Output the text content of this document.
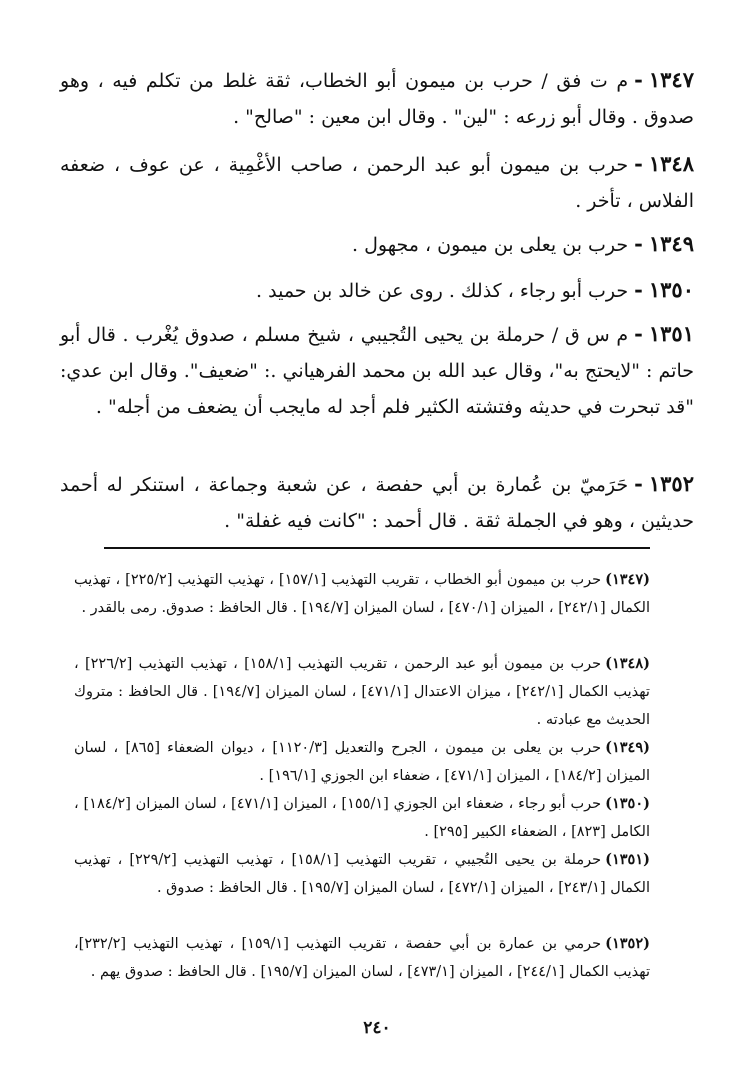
١٣٤٧-م ت فق / حرب بن ميمون أبو الخطاب، ثقة غلط من تكلم فيه ، وهو صدوق . وقال أبو زرعه : "لين" . وقال ابن معين : "صالح" .
١٣٤٨-حرب بن ميمون أبو عبد الرحمن ، صاحب الأغْمِية ، عن عوف ، ضعفه الفلاس ، تأخر .
١٣٤٩-حرب بن يعلى بن ميمون ، مجهول .
١٣٥٠-حرب أبو رجاء ، كذلك . روى عن خالد بن حميد .
١٣٥١-م س ق / حرملة بن يحيى التُجيبي ، شيخ مسلم ، صدوق يُغْرب . قال أبو حاتم : "لايحتج به"، وقال عبد الله بن محمد الفرهياني .: "ضعيف". وقال ابن عدي: "قد تبحرت في حديثه وفتشته الكثير فلم أجد له مايجب أن يضعف من أجله" .
١٣٥٢-حَرَميّ بن عُمارة بن أبي حفصة ، عن شعبة وجماعة ، استنكر له أحمد حديثين ، وهو في الجملة ثقة . قال أحمد : "كانت فيه غفلة" .
(١٣٤٧)حرب بن ميمون أبو الخطاب ، تقريب التهذيب [١٥٧/١] ، تهذيب التهذيب [٢٢٥/٢] ، تهذيب الكمال [٢٤٢/١] ، الميزان [٤٧٠/١] ، لسان الميزان [١٩٤/٧] . قال الحافظ : صدوق. رمى بالقدر .
(١٣٤٨)حرب بن ميمون أبو عبد الرحمن ، تقريب التهذيب [١٥٨/١] ، تهذيب التهذيب [٢٢٦/٢] ، تهذيب الكمال [٢٤٢/١] ، ميزان الاعتدال [٤٧١/١] ، لسان الميزان [١٩٤/٧] . قال الحافظ : متروك الحديث مع عبادته .
(١٣٤٩)حرب بن يعلى بن ميمون ، الجرح والتعديل [١١٢٠/٣] ، ديوان الضعفاء [٨٦٥] ، لسان الميزان [١٨٤/٢] ، الميزان [٤٧١/١] ، ضعفاء ابن الجوزي [١٩٦/١] .
(١٣٥٠)حرب أبو رجاء ، ضعفاء ابن الجوزي [١٥٥/١] ، الميزان [٤٧١/١] ، لسان الميزان [١٨٤/٢] ، الكامل [٨٢٣] ، الضعفاء الكبير [٢٩٥] .
(١٣٥١)حرملة بن يحيى التُجيبي ، تقريب التهذيب [١٥٨/١] ، تهذيب التهذيب [٢٢٩/٢] ، تهذيب الكمال [٢٤٣/١] ، الميزان [٤٧٢/١] ، لسان الميزان [١٩٥/٧] . قال الحافظ : صدوق .
(١٣٥٢)حرمي بن عمارة بن أبي حفصة ، تقريب التهذيب [١٥٩/١] ، تهذيب التهذيب [٢٣٢/٢]، تهذيب الكمال [٢٤٤/١] ، الميزان [٤٧٣/١] ، لسان الميزان [١٩٥/٧] . قال الحافظ : صدوق يهم .
٢٤٠
